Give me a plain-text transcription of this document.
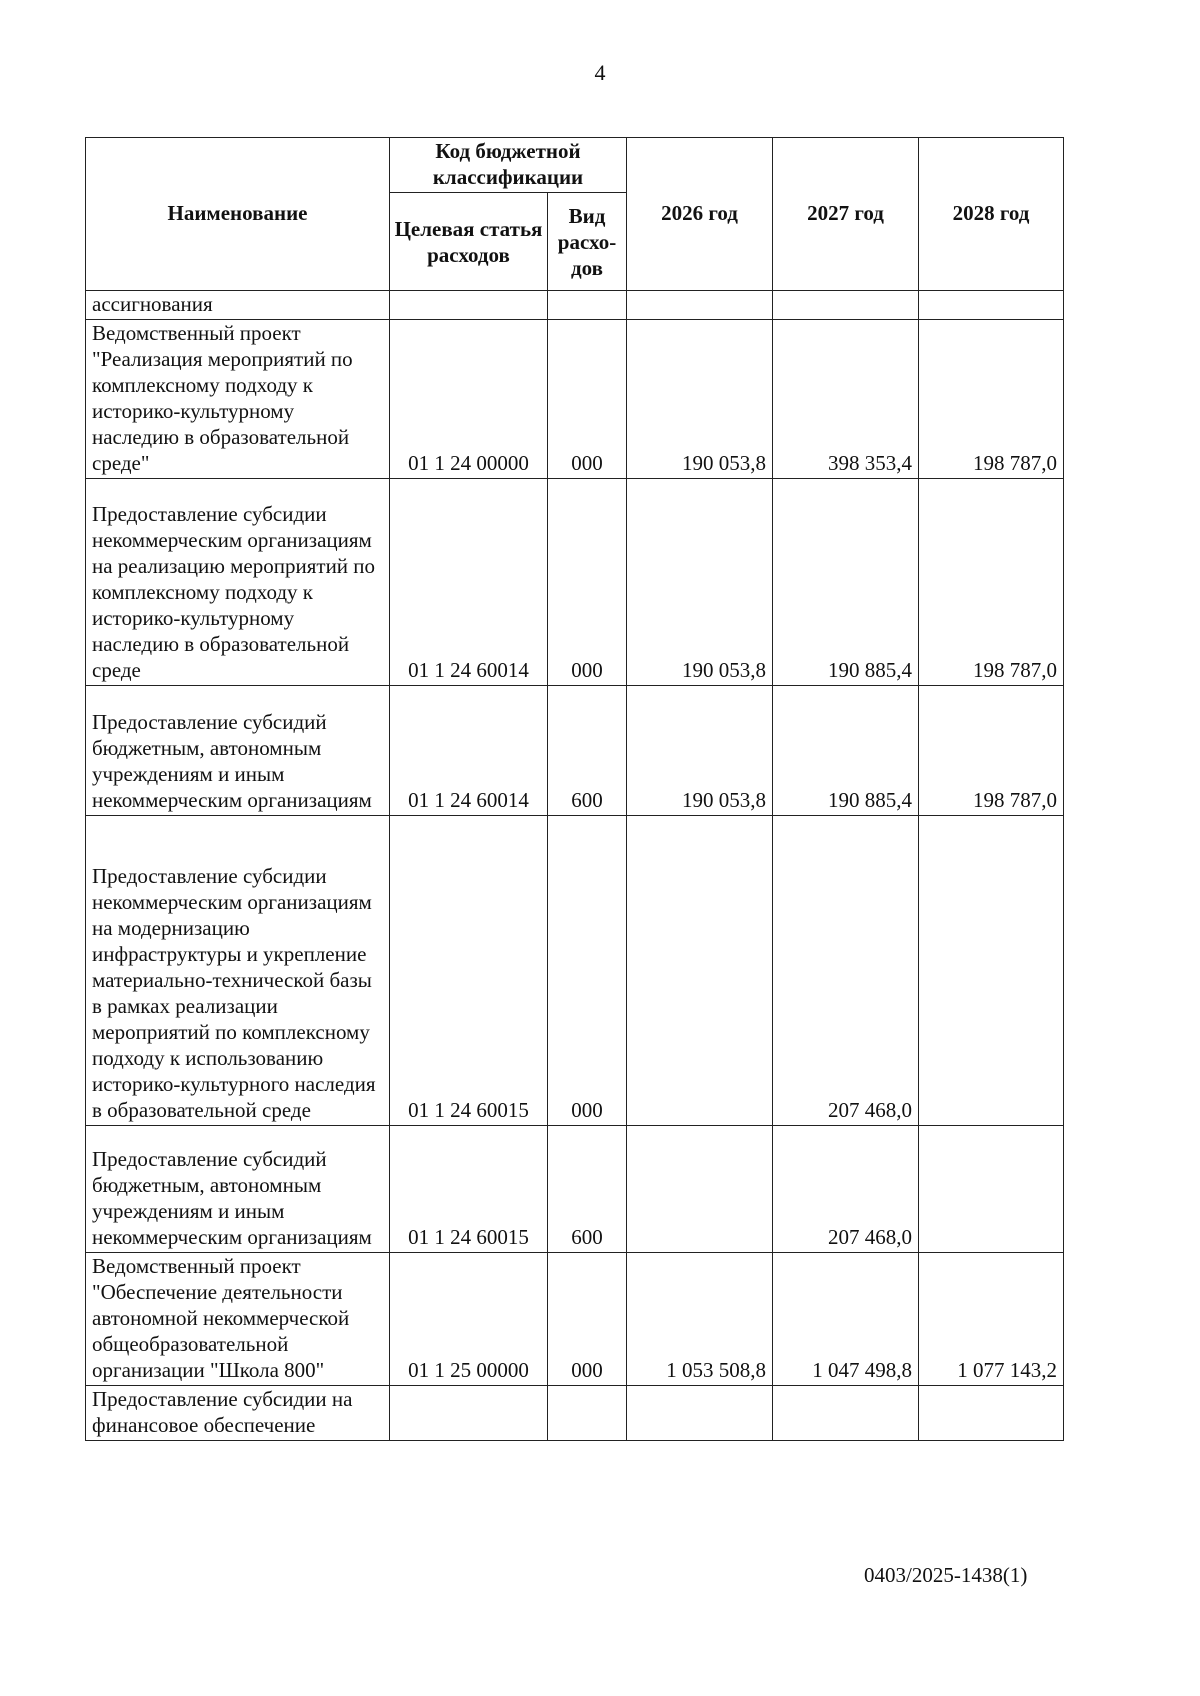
4
Наименование	Код бюджетной классификации		2026 год	2027 год	2028 год
	Целевая статья расходов	Вид расхо-дов			
ассигнования					
Ведомственный проект "Реализация мероприятий по комплексному подходу к историко-культурному наследию в образовательной среде"	01 1 24 00000	000	190 053,8	398 353,4	198 787,0
Предоставление субсидии некоммерческим организациям на реализацию мероприятий по комплексному подходу к историко-культурному наследию в образовательной среде	01 1 24 60014	000	190 053,8	190 885,4	198 787,0
Предоставление субсидий бюджетным, автономным учреждениям и иным некоммерческим организациям	01 1 24 60014	600	190 053,8	190 885,4	198 787,0
Предоставление субсидии некоммерческим организациям на модернизацию инфраструктуры и укрепление материально-технической базы в рамках реализации мероприятий по комплексному подходу к использованию историко-культурного наследия в образовательной среде	01 1 24 60015	000		207 468,0	
Предоставление субсидий бюджетным, автономным учреждениям и иным некоммерческим организациям	01 1 24 60015	600		207 468,0	
Ведомственный проект "Обеспечение деятельности автономной некоммерческой общеобразовательной организации "Школа 800"	01 1 25 00000	000	1 053 508,8	1 047 498,8	1 077 143,2
Предоставление субсидии на финансовое обеспечение					
0403/2025-1438(1)
